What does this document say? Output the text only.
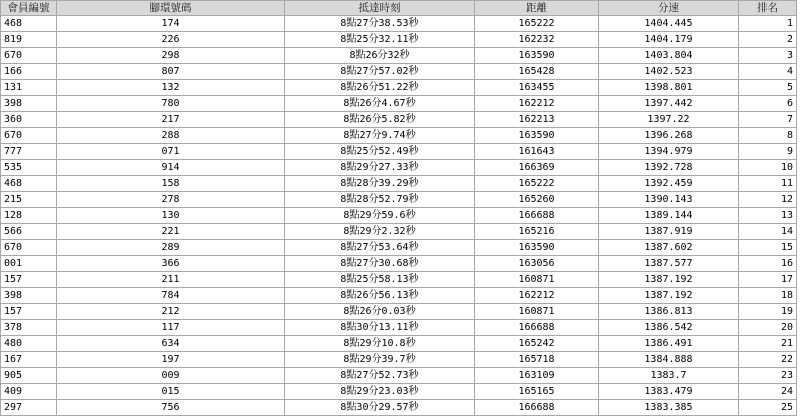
會員編號	腳環號碼	抵達時刻	距離	分速	排名
468	174	8點27分38.53秒	165222	1404.445	1
819	226	8點25分32.11秒	162232	1404.179	2
670	298	8點26分32秒	163590	1403.804	3
166	807	8點27分57.02秒	165428	1402.523	4
131	132	8點26分51.22秒	163455	1398.801	5
398	780	8點26分4.67秒	162212	1397.442	6
360	217	8點26分5.82秒	162213	1397.22	7
670	288	8點27分9.74秒	163590	1396.268	8
777	071	8點25分52.49秒	161643	1394.979	9
535	914	8點29分27.33秒	166369	1392.728	10
468	158	8點28分39.29秒	165222	1392.459	11
215	278	8點28分52.79秒	165260	1390.143	12
128	130	8點29分59.6秒	166688	1389.144	13
566	221	8點29分2.32秒	165216	1387.919	14
670	289	8點27分53.64秒	163590	1387.602	15
001	366	8點27分30.68秒	163056	1387.577	16
157	211	8點25分58.13秒	160871	1387.192	17
398	784	8點26分56.13秒	162212	1387.192	18
157	212	8點26分0.03秒	160871	1386.813	19
378	117	8點30分13.11秒	166688	1386.542	20
480	634	8點29分10.8秒	165242	1386.491	21
167	197	8點29分39.7秒	165718	1384.888	22
905	009	8點27分52.73秒	163109	1383.7	23
409	015	8點29分23.03秒	165165	1383.479	24
297	756	8點30分29.57秒	166688	1383.385	25
